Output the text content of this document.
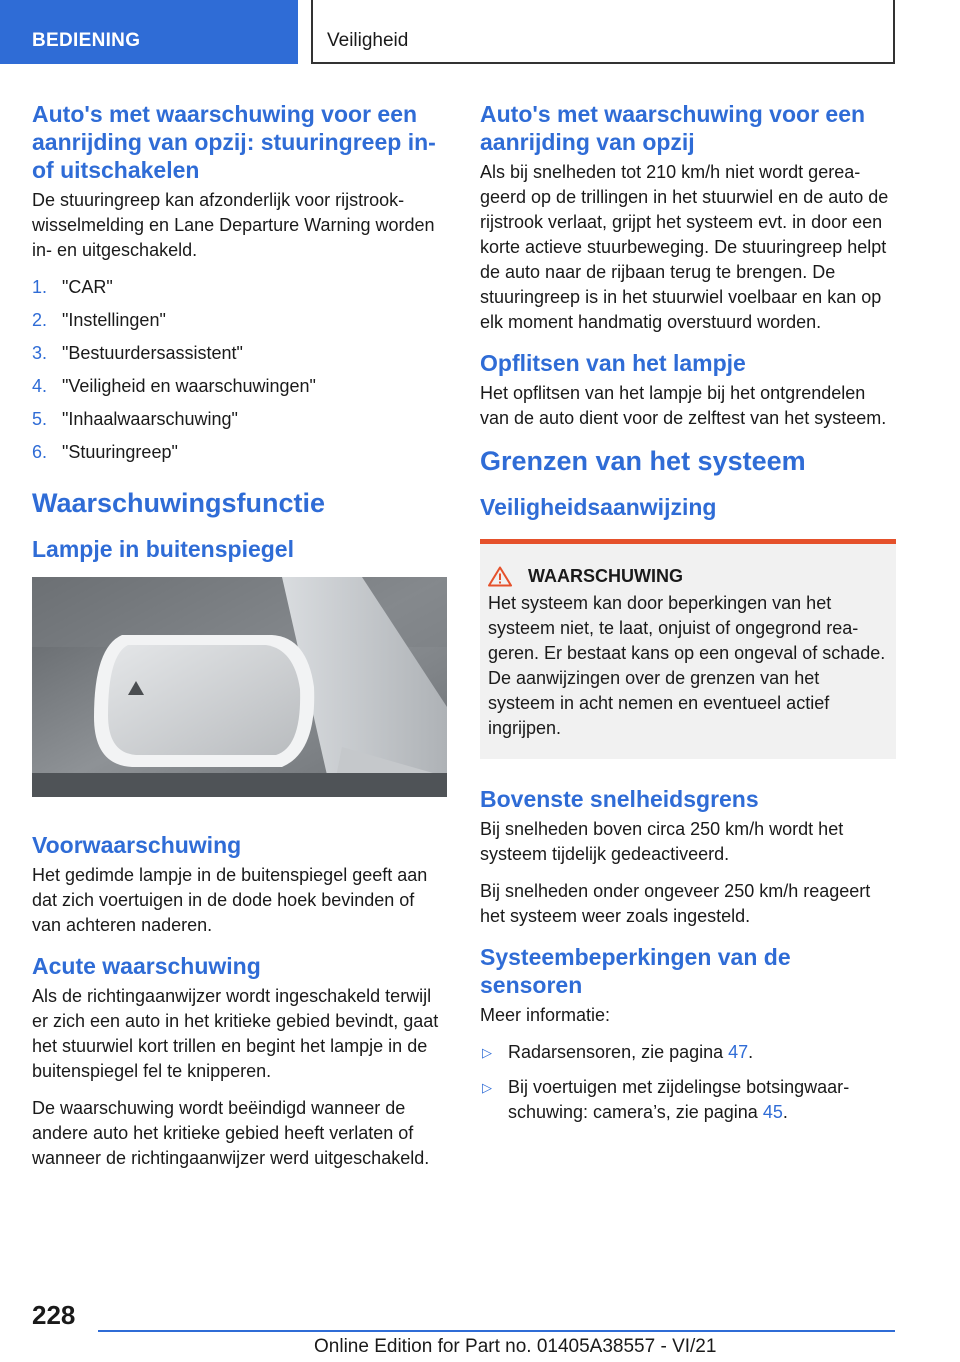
BEDIENING	Veiligheid
Auto's met waarschuwing voor een aanrijding van opzij: stuuringreep in- of uitschakelen

De stuuringreep kan afzonderlijk voor rijstrookwisselmelding en Lane Departure Warning worden in- en uitgeschakeld.

1. "CAR"
2. "Instellingen"
3. "Bestuurdersassistent"
4. "Veiligheid en waarschuwingen"
5. "Inhaalwaarschuwing"
6. "Stuuringreep"
Waarschuwingsfunctie
Lampje in buitenspiegel
Voorwaarschuwing

Het gedimde lampje in de buitenspiegel geeft aan dat zich voertuigen in de dode hoek bevinden of van achteren naderen.

Acute waarschuwing

Als de richtingaanwijzer wordt ingeschakeld terwijl er zich een auto in het kritieke gebied bevindt, gaat het stuurwiel kort trillen en begint het lampje in de buitenspiegel fel te knipperen.

De waarschuwing wordt beëindigd wanneer de andere auto het kritieke gebied heeft verlaten of wanneer de richtingaanwijzer werd uitgeschakeld.

Auto's met waarschuwing voor een aanrijding van opzij

Als bij snelheden tot 210 km/h niet wordt gereageerd op de trillingen in het stuurwiel en de auto de rijstrook verlaat, grijpt het systeem evt. in door een korte actieve stuurbeweging. De stuuringreep helpt de auto naar de rijbaan terug te brengen. De stuuringreep is in het stuurwiel voelbaar en kan op elk moment handmatig overstuurd worden.

Opflitsen van het lampje

Het opflitsen van het lampje bij het ontgrendelen van de auto dient voor de zelftest van het systeem.

Grenzen van het systeem
Veiligheidsaanwijzing
WAARSCHUWING

Het systeem kan door beperkingen van het systeem niet, te laat, onjuist of ongegrond reageren. Er bestaat kans op een ongeval of schade. De aanwijzingen over de grenzen van het systeem in acht nemen en eventueel actief ingrijpen.

Bovenste snelheidsgrens

Bij snelheden boven circa 250 km/h wordt het systeem tijdelijk gedeactiveerd.

Bij snelheden onder ongeveer 250 km/h reageert het systeem weer zoals ingesteld.

Systeembeperkingen van de sensoren

Meer informatie:

▷ Radarsensoren, zie pagina 47.
▷ Bij voertuigen met zijdelingse botsingwaarschuwing: camera’s, zie pagina 45.
228
Online Edition for Part no. 01405A38557 - VI/21
